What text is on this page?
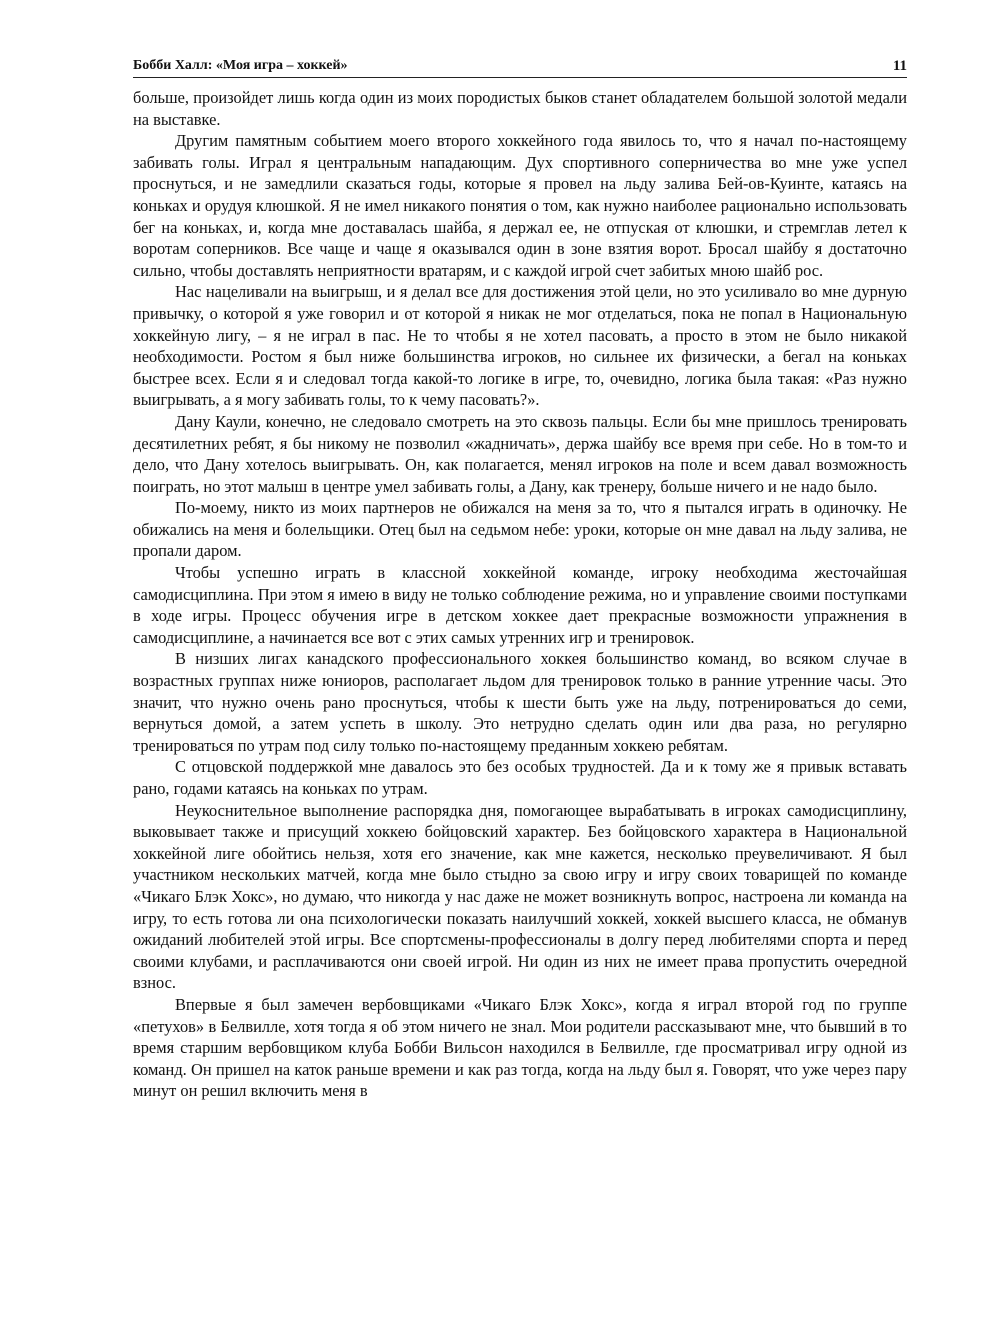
Бобби Халл: «Моя игра – хоккей»	11

больше, произойдет лишь когда один из моих породистых быков станет обладателем большой золотой медали на выставке.

Другим памятным событием моего второго хоккейного года явилось то, что я начал по-настоящему забивать голы. Играл я центральным нападающим. Дух спортивного соперничества во мне уже успел проснуться, и не замедлили сказаться годы, которые я провел на льду залива Бей-ов-Куинте, катаясь на коньках и орудуя клюшкой. Я не имел никакого понятия о том, как нужно наиболее рационально использовать бег на коньках, и, когда мне доставалась шайба, я держал ее, не отпуская от клюшки, и стремглав летел к воротам соперников. Все чаще и чаще я оказывался один в зоне взятия ворот. Бросал шайбу я достаточно сильно, чтобы доставлять неприятности вратарям, и с каждой игрой счет забитых мною шайб рос.

Нас нацеливали на выигрыш, и я делал все для достижения этой цели, но это усиливало во мне дурную привычку, о которой я уже говорил и от которой я никак не мог отделаться, пока не попал в Национальную хоккейную лигу, – я не играл в пас. Не то чтобы я не хотел пасовать, а просто в этом не было никакой необходимости. Ростом я был ниже большинства игроков, но сильнее их физически, а бегал на коньках быстрее всех. Если я и следовал тогда какой-то логике в игре, то, очевидно, логика была такая: «Раз нужно выигрывать, а я могу забивать голы, то к чему пасовать?».

Дану Каули, конечно, не следовало смотреть на это сквозь пальцы. Если бы мне пришлось тренировать десятилетних ребят, я бы никому не позволил «жадничать», держа шайбу все время при себе. Но в том-то и дело, что Дану хотелось выигрывать. Он, как полагается, менял игроков на поле и всем давал возможность поиграть, но этот малыш в центре умел забивать голы, а Дану, как тренеру, больше ничего и не надо было.

По-моему, никто из моих партнеров не обижался на меня за то, что я пытался играть в одиночку. Не обижались на меня и болельщики. Отец был на седьмом небе: уроки, которые он мне давал на льду залива, не пропали даром.

Чтобы успешно играть в классной хоккейной команде, игроку необходима жесточайшая самодисциплина. При этом я имею в виду не только соблюдение режима, но и управление своими поступками в ходе игры. Процесс обучения игре в детском хоккее дает прекрасные возможности упражнения в самодисциплине, а начинается все вот с этих самых утренних игр и тренировок.

В низших лигах канадского профессионального хоккея большинство команд, во всяком случае в возрастных группах ниже юниоров, располагает льдом для тренировок только в ранние утренние часы. Это значит, что нужно очень рано проснуться, чтобы к шести быть уже на льду, потренироваться до семи, вернуться домой, а затем успеть в школу. Это нетрудно сделать один или два раза, но регулярно тренироваться по утрам под силу только по-настоящему преданным хоккею ребятам.

С отцовской поддержкой мне давалось это без особых трудностей. Да и к тому же я привык вставать рано, годами катаясь на коньках по утрам.

Неукоснительное выполнение распорядка дня, помогающее вырабатывать в игроках самодисциплину, выковывает также и присущий хоккею бойцовский характер. Без бойцовского характера в Национальной хоккейной лиге обойтись нельзя, хотя его значение, как мне кажется, несколько преувеличивают. Я был участником нескольких матчей, когда мне было стыдно за свою игру и игру своих товарищей по команде «Чикаго Блэк Хокс», но думаю, что никогда у нас даже не может возникнуть вопрос, настроена ли команда на игру, то есть готова ли она психологически показать наилучший хоккей, хоккей высшего класса, не обманув ожиданий любителей этой игры. Все спортсмены-профессионалы в долгу перед любителями спорта и перед своими клубами, и расплачиваются они своей игрой. Ни один из них не имеет права пропустить очередной взнос.

Впервые я был замечен вербовщиками «Чикаго Блэк Хокс», когда я играл второй год по группе «петухов» в Белвилле, хотя тогда я об этом ничего не знал. Мои родители рассказывают мне, что бывший в то время старшим вербовщиком клуба Бобби Вильсон находился в Белвилле, где просматривал игру одной из команд. Он пришел на каток раньше времени и как раз тогда, когда на льду был я. Говорят, что уже через пару минут он решил включить меня в
